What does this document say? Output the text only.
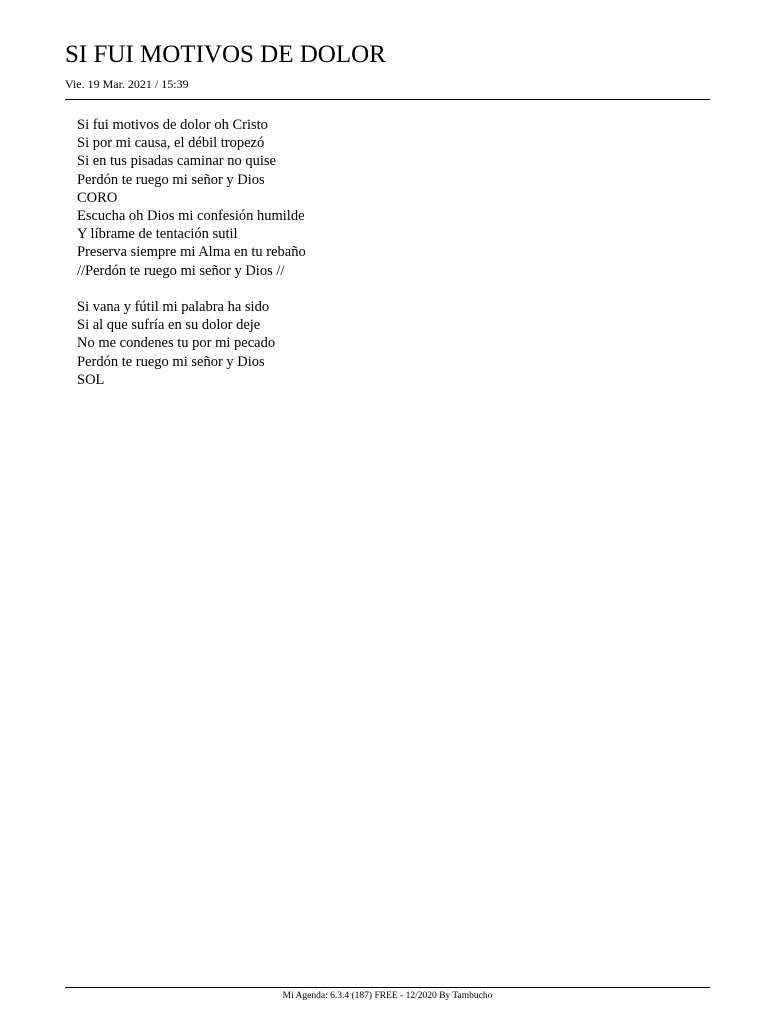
SI FUI MOTIVOS DE DOLOR
Vie. 19 Mar. 2021 / 15:39
Si fui motivos de dolor oh Cristo
Si por mi causa, el débil tropezó
Si en tus pisadas caminar no quise
Perdón te ruego mi señor y Dios
CORO
Escucha oh Dios mi confesión humilde
Y líbrame de tentación sutil
Preserva siempre mi Alma en tu rebaño
//Perdón te ruego mi señor y Dios //
Si vana y fútil mi palabra ha sido
Si al que sufría en su dolor deje
No me condenes tu por mi pecado
Perdón te ruego mi señor y Dios
SOL
Mi Agenda: 6.3.4 (187) FREE - 12/2020 By Tambucho
